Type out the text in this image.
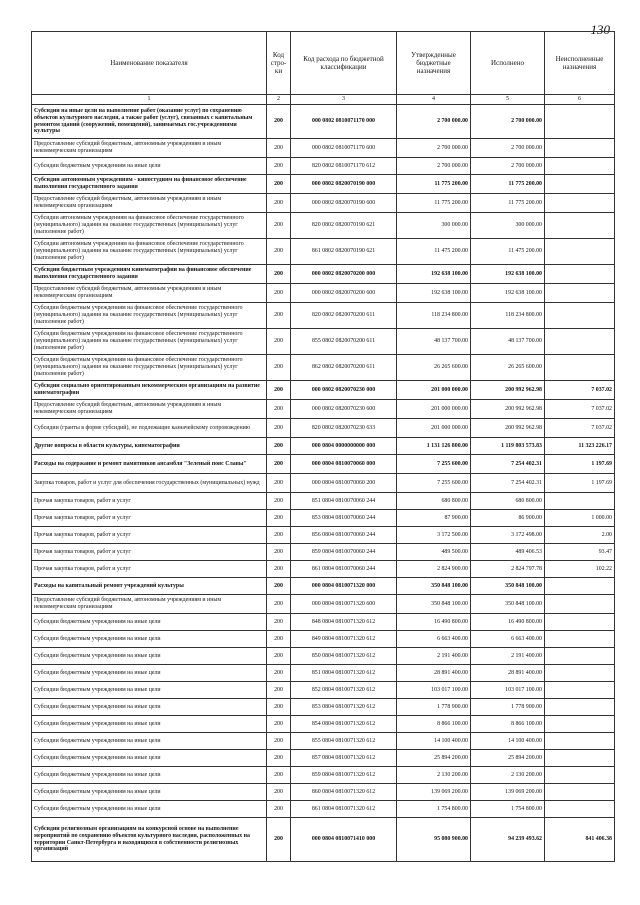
130
Наименование показателя	Код стро-ки	Код расхода по бюджетной классификации	Утвержденные бюджетные назначения	Исполнено	Неисполненные назначения
1	2	3	4	5	6
Субсидии на иные цели на выполнение работ (оказание услуг) по сохранению объектов культурного наследия, а также работ (услуг), связанных с капитальным ремонтом зданий (сооружений, помещений), занимаемых гос.учреждениями культуры	200	000 0802 0810071170 000	2 700 000.00	2 700 000.00	
Предоставление субсидий бюджетным, автономным учреждениям и иным некоммерческим организациям	200	000 0802 0810071170 600	2 700 000.00	2 700 000.00	
Субсидии бюджетным учреждениям на иные цели	200	820 0802 0810071170 612	2 700 000.00	2 700 000.00	
Субсидии автономным учреждениям - киностудиям на финансовое обеспечение выполнения государственного задания	200	000 0802 0820070190 000	11 775 200.00	11 775 200.00	
Предоставление субсидий бюджетным, автономным учреждениям и иным некоммерческим организациям	200	000 0802 0820070190 600	11 775 200.00	11 775 200.00	
Субсидии автономным учреждениям на финансовое обеспечение государственного (муниципального) задания на оказание государственных (муниципальных) услуг (выполнение работ)	200	820 0802 0820070190 621	300 000.00	300 000.00	
Субсидии автономным учреждениям на финансовое обеспечение государственного (муниципального) задания на оказание государственных (муниципальных) услуг (выполнение работ)	200	861 0802 0820070190 621	11 475 200.00	11 475 200.00	
Субсидии бюджетным учреждениям кинематографии на финансовое обеспечение выполнения государственного задания	200	000 0802 0820070200 000	192 638 100.00	192 638 100.00	
Предоставление субсидий бюджетным, автономным учреждениям и иным некоммерческим организациям	200	000 0802 0820070200 600	192 638 100.00	192 638 100.00	
Субсидии бюджетным учреждениям на финансовое обеспечение государственного (муниципального) задания на оказание государственных (муниципальных) услуг (выполнение работ)	200	820 0802 0820070200 611	118 234 800.00	118 234 800.00	
Субсидии бюджетным учреждениям на финансовое обеспечение государственного (муниципального) задания на оказание государственных (муниципальных) услуг (выполнение работ)	200	855 0802 0820070200 611	48 137 700.00	48 137 700.00	
Субсидии бюджетным учреждениям на финансовое обеспечение государственного (муниципального) задания на оказание государственных (муниципальных) услуг (выполнение работ)	200	862 0802 0820070200 611	26 265 600.00	26 265 600.00	
Субсидии социально ориентированным некоммерческим организациям на развитие кинематографии	200	000 0802 0820070230 000	201 000 000.00	200 992 962.98	7 037.02
Предоставление субсидий бюджетным, автономным учреждениям и иным некоммерческим организациям	200	000 0802 0820070230 600	201 000 000.00	200 992 962.98	7 037.02
Субсидии (гранты в форме субсидий), не подлежащие казначейскому сопровождению	200	820 0802 0820070230 633	201 000 000.00	200 992 962.98	7 037.02
Другие вопросы в области культуры, кинематографии	200	000 0804 0000000000 000	1 131 126 800.00	1 119 803 573.83	11 323 226.17
Расходы на содержание и ремонт памятников ансамбля "Зеленый пояс Славы"	200	000 0804 0810070060 000	7 255 600.00	7 254 402.31	1 197.69
Закупка товаров, работ и услуг для обеспечения государственных (муниципальных) нужд	200	000 0804 0810070060 200	7 255 600.00	7 254 402.31	1 197.69
Прочая закупка товаров, работ и услуг	200	851 0804 0810070060 244	680 800.00	680 800.00	
Прочая закупка товаров, работ и услуг	200	853 0804 0810070060 244	87 900.00	86 900.00	1 000.00
Прочая закупка товаров, работ и услуг	200	856 0804 0810070060 244	3 172 500.00	3 172 498.00	2.00
Прочая закупка товаров, работ и услуг	200	859 0804 0810070060 244	489 500.00	489 406.53	93.47
Прочая закупка товаров, работ и услуг	200	861 0804 0810070060 244	2 824 900.00	2 824 797.78	102.22
Расходы на капитальный ремонт учреждений культуры	200	000 0804 0810071320 000	350 848 100.00	350 848 100.00	
Предоставление субсидий бюджетным, автономным учреждениям и иным некоммерческим организациям	200	000 0804 0810071320 600	350 848 100.00	350 848 100.00	
Субсидии бюджетным учреждениям на иные цели	200	848 0804 0810071320 612	16 490 800.00	16 490 800.00	
Субсидии бюджетным учреждениям на иные цели	200	849 0804 0810071320 612	6 663 400.00	6 663 400.00	
Субсидии бюджетным учреждениям на иные цели	200	850 0804 0810071320 612	2 191 400.00	2 191 400.00	
Субсидии бюджетным учреждениям на иные цели	200	851 0804 0810071320 612	28 891 400.00	28 891 400.00	
Субсидии бюджетным учреждениям на иные цели	200	852 0804 0810071320 612	103 017 100.00	103 017 100.00	
Субсидии бюджетным учреждениям на иные цели	200	853 0804 0810071320 612	1 778 900.00	1 778 900.00	
Субсидии бюджетным учреждениям на иные цели	200	854 0804 0810071320 612	8 866 100.00	8 866 100.00	
Субсидии бюджетным учреждениям на иные цели	200	855 0804 0810071320 612	14 100 400.00	14 100 400.00	
Субсидии бюджетным учреждениям на иные цели	200	857 0804 0810071320 612	25 894 200.00	25 894 200.00	
Субсидии бюджетным учреждениям на иные цели	200	859 0804 0810071320 612	2 130 200.00	2 130 200.00	
Субсидии бюджетным учреждениям на иные цели	200	860 0804 0810071320 612	139 069 200.00	139 069 200.00	
Субсидии бюджетным учреждениям на иные цели	200	861 0804 0810071320 612	1 754 800.00	1 754 800.00	
Субсидии религиозным организациям на конкурсной основе на выполнение мероприятий по сохранению объектов культурного наследия, расположенных на территории Санкт-Петербурга и находящихся в собственности религиозных организаций	200	000 0804 0810071410 000	95 080 900.00	94 239 493.62	841 406.38
